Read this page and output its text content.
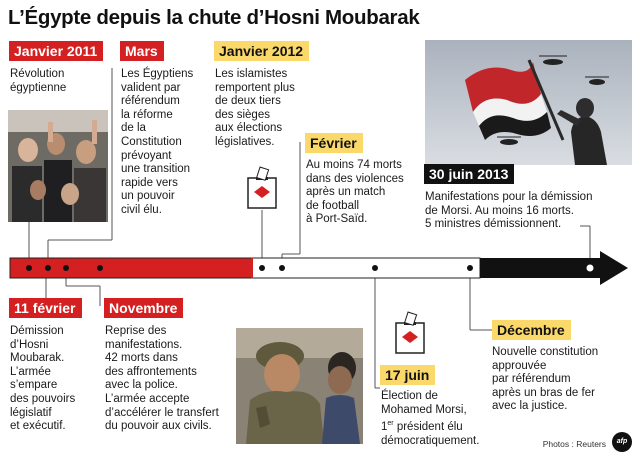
L’Égypte depuis la chute d’Hosni Moubarak
Janvier 2011
Révolution
égyptienne
Mars
Les Égyptiens
valident par
référendum
la réforme
de la
Constitution
prévoyant
une transition
rapide vers
un pouvoir
civil élu.
Janvier 2012
Les islamistes
remportent plus
de deux tiers
des sièges
aux élections
législatives.	Février
Au moins 74 morts
dans des violences
après un match
de football
à Port-Saïd.
30 juin 2013
Manifestations pour la démission
de Morsi. Au moins 16 morts.
5 ministres démissionnent.
11 février
Démission
d’Hosni
Moubarak.
L’armée
s’empare
des pouvoirs
législatif
et exécutif.
Novembre
Reprise des
manifestations.
42 morts dans
des affrontements
avec la police.
L’armée accepte
d’accélérer le transfert
du pouvoir aux civils.
17 juin
Élection de
Mohamed Morsi,
1er président élu
démocratiquement.
Décembre
Nouvelle constitution
approuvée
par référendum
après un bras de fer
avec la justice.
Photos : Reuters	afp
